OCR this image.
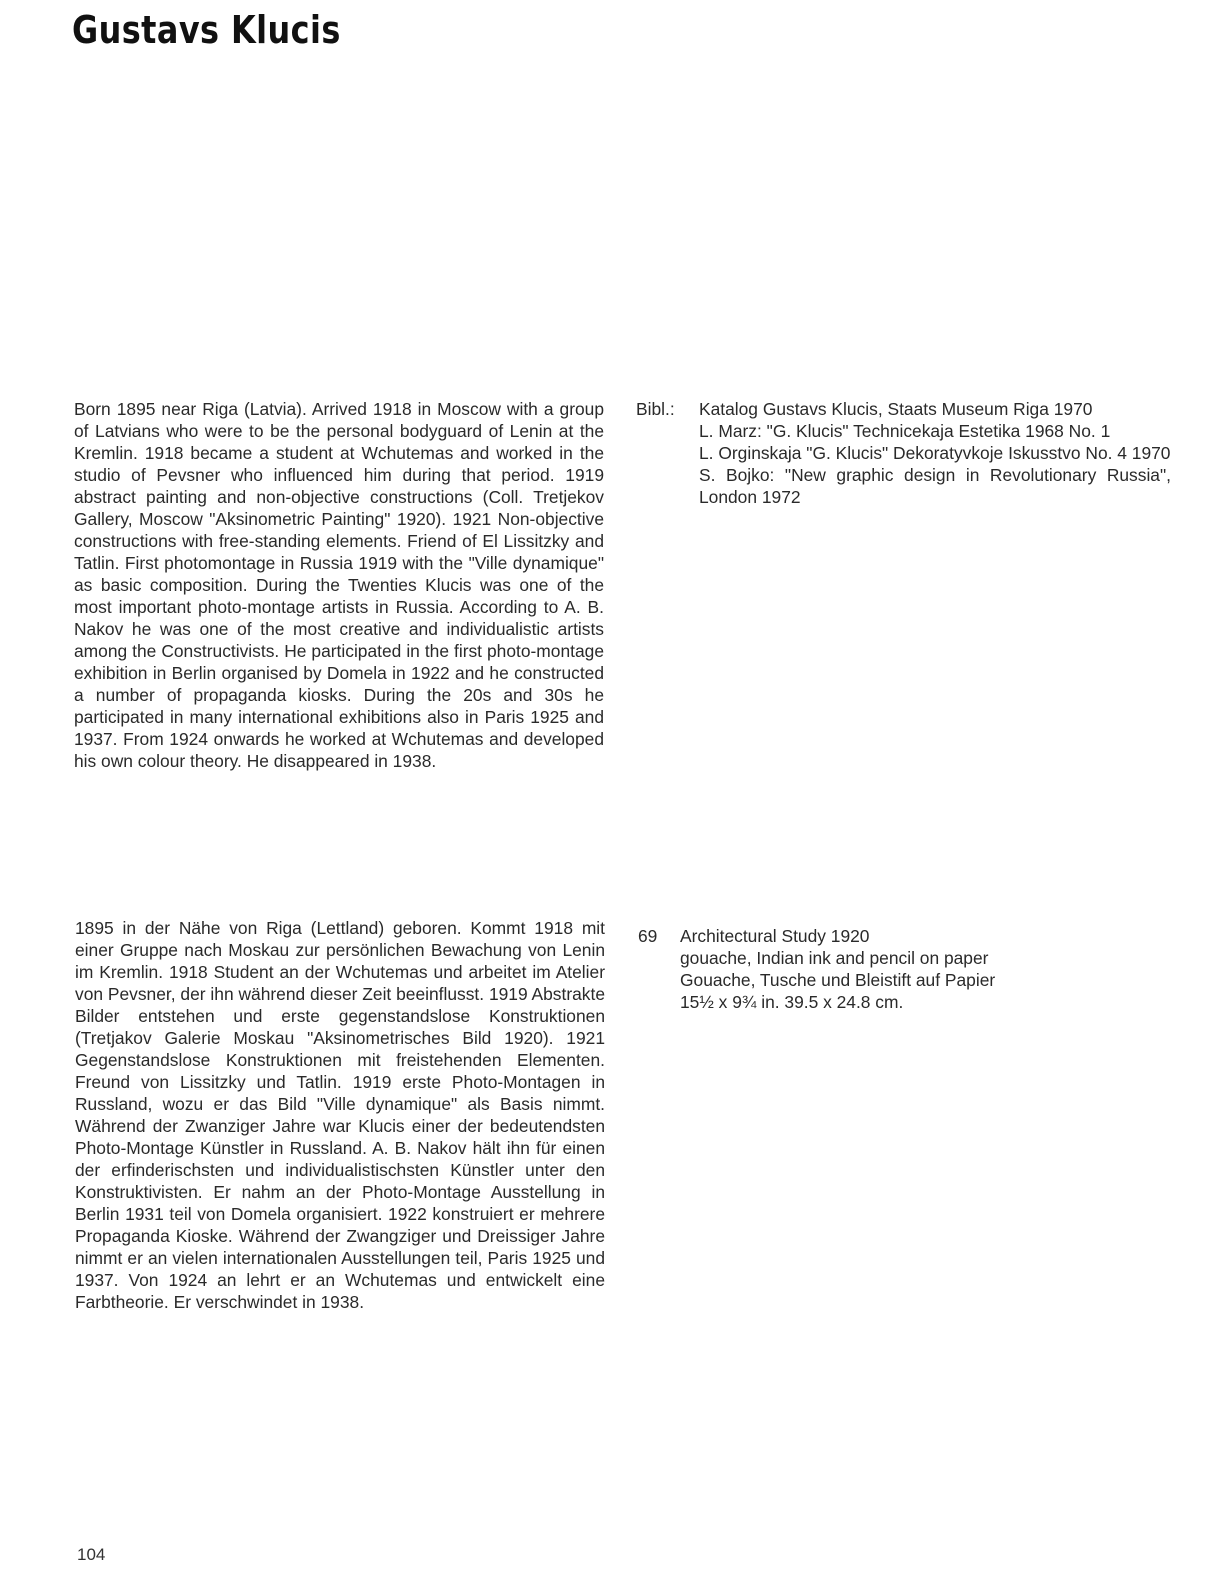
Gustavs Klucis

Born 1895 near Riga (Latvia). Arrived 1918 in Moscow with a group of Latvians who were to be the personal bodyguard of Lenin at the Kremlin. 1918 became a student at Wchutemas and worked in the studio of Pevsner who influenced him during that period. 1919 abstract painting and non-objective constructions (Coll. Tretjekov Gallery, Moscow "Aksinometric Painting" 1920). 1921 Non-objective constructions with free-standing elements. Friend of El Lissitzky and Tatlin. First photomontage in Russia 1919 with the "Ville dynamique" as basic composition. During the Twenties Klucis was one of the most important photo-montage artists in Russia. According to A. B. Nakov he was one of the most creative and individualistic artists among the Constructivists. He participated in the first photo-montage exhibition in Berlin organised by Domela in 1922 and he constructed a number of propaganda kiosks. During the 20s and 30s he participated in many international exhibitions also in Paris 1925 and 1937. From 1924 onwards he worked at Wchutemas and developed his own colour theory. He disappeared in 1938.

Bibl.:	Katalog Gustavs Klucis, Staats Museum Riga 1970

L. Marz: "G. Klucis" Technicekaja Estetika 1968 No. 1

L. Orginskaja "G. Klucis" Dekoratyvkoje Iskusstvo No. 4 1970

S. Bojko: "New graphic design in Revolutionary Russia", London 1972

1895 in der Nähe von Riga (Lettland) geboren. Kommt 1918 mit einer Gruppe nach Moskau zur persönlichen Bewachung von Lenin im Kremlin. 1918 Student an der Wchutemas und arbeitet im Atelier von Pevsner, der ihn während dieser Zeit beeinflusst. 1919 Abstrakte Bilder entstehen und erste gegenstandslose Konstruktionen (Tretjakov Galerie Moskau "Aksinometrisches Bild 1920). 1921 Gegenstandslose Konstruktionen mit freistehenden Elementen. Freund von Lissitzky und Tatlin. 1919 erste Photo-Montagen in Russland, wozu er das Bild "Ville dynamique" als Basis nimmt. Während der Zwanziger Jahre war Klucis einer der bedeutendsten Photo-Montage Künstler in Russland. A. B. Nakov hält ihn für einen der erfinderischsten und individualistischsten Künstler unter den Konstruktivisten. Er nahm an der Photo-Montage Ausstellung in Berlin 1931 teil von Domela organisiert. 1922 konstruiert er mehrere Propaganda Kioske. Während der Zwangziger und Dreissiger Jahre nimmt er an vielen internationalen Ausstellungen teil, Paris 1925 und 1937. Von 1924 an lehrt er an Wchutemas und entwickelt eine Farbtheorie. Er verschwindet in 1938.

69	Architectural Study 1920
gouache, Indian ink and pencil on paper
Gouache, Tusche und Bleistift auf Papier
15½ x 9¾ in. 39.5 x 24.8 cm.
104
